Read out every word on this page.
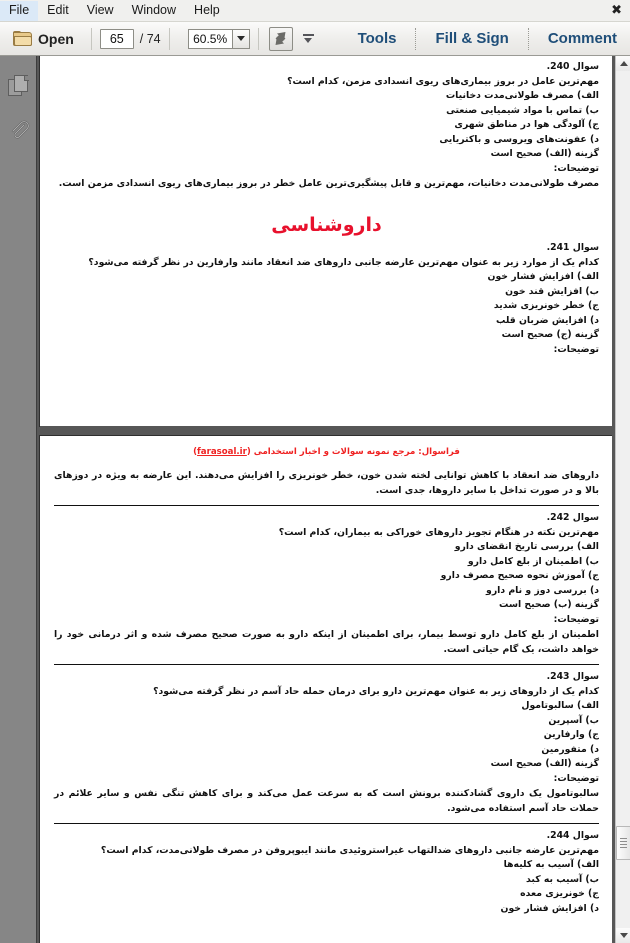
File	Edit	View	Window	Help	✖
Open	65	/ 74	60.5%	Tools	Fill & Sign	Comment
سوال 240.
مهم‌ترین عامل در بروز بیماری‌های ریوی انسدادی مزمن، کدام است؟
الف) مصرف طولانی‌مدت دخانیات
ب) تماس با مواد شیمیایی صنعتی
ج) آلودگی هوا در مناطق شهری
د) عفونت‌های ویروسی و باکتریایی
گزینه (الف) صحیح است
توضیحات:
مصرف طولانی‌مدت دخانیات، مهم‌ترین و قابل پیشگیری‌ترین عامل خطر در بروز بیماری‌های ریوی انسدادی مزمن است.
داروشناسی
سوال 241.
کدام یک از موارد زیر به عنوان مهم‌ترین عارضه جانبی داروهای ضد انعقاد مانند وارفارین در نظر گرفته می‌شود؟
الف) افزایش فشار خون
ب) افزایش قند خون
ج) خطر خونریزی شدید
د) افزایش ضربان قلب
گزینه (ج) صحیح است
توضیحات:
فراسوال: مرجع نمونه سوالات و اخبار استخدامی (farasoal.ir)
داروهای ضد انعقاد با کاهش توانایی لخته شدن خون، خطر خونریزی را افزایش می‌دهند. این عارضه به ویژه در دوزهای بالا و در صورت تداخل با سایر داروها، جدی است.
سوال 242.
مهم‌ترین نکته در هنگام تجویز داروهای خوراکی به بیماران، کدام است؟
الف) بررسی تاریخ انقضای دارو
ب) اطمینان از بلع کامل دارو
ج) آموزش نحوه صحیح مصرف دارو
د) بررسی دوز و نام دارو
گزینه (ب) صحیح است
توضیحات:
اطمینان از بلع کامل دارو توسط بیمار، برای اطمینان از اینکه دارو به صورت صحیح مصرف شده و اثر درمانی خود را خواهد داشت، یک گام حیاتی است.
سوال 243.
کدام یک از داروهای زیر به عنوان مهم‌ترین دارو برای درمان حمله حاد آسم در نظر گرفته می‌شود؟
الف) سالبوتامول
ب) آسپرین
ج) وارفارین
د) متفورمین
گزینه (الف) صحیح است
توضیحات:
سالبوتامول یک داروی گشادکننده برونش است که به سرعت عمل می‌کند و برای کاهش تنگی نفس و سایر علائم در حملات حاد آسم استفاده می‌شود.
سوال 244.
مهم‌ترین عارضه جانبی داروهای ضدالتهاب غیراستروئیدی مانند ایبوپروفن در مصرف طولانی‌مدت، کدام است؟
الف) آسیب به کلیه‌ها
ب) آسیب به کبد
ج) خونریزی معده
د) افزایش فشار خون
